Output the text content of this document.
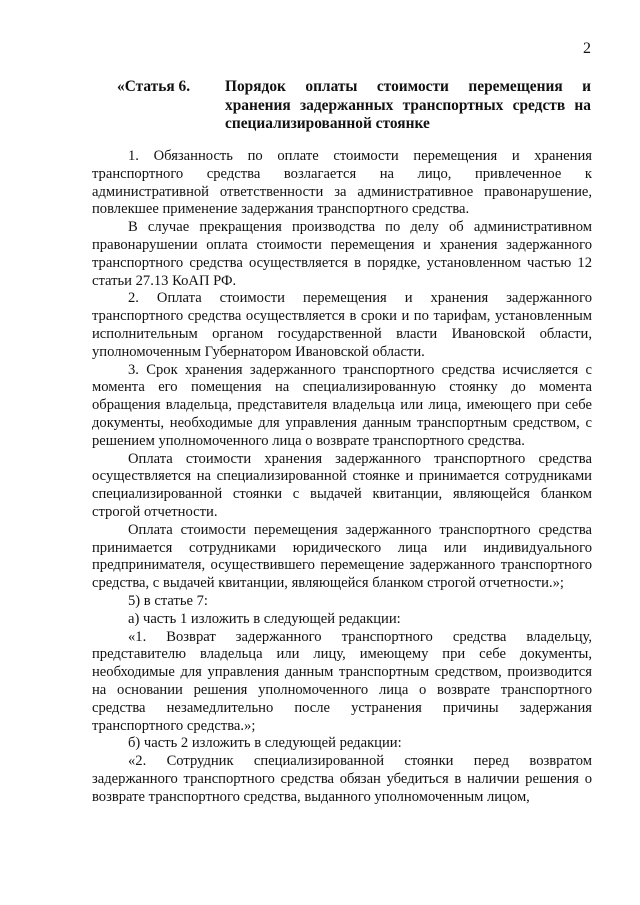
2
«Статья 6.	Порядок оплаты стоимости перемещения и хранения задержанных транспортных средств на специализированной стоянке

1. Обязанность по оплате стоимости перемещения и хранения транспортного средства возлагается на лицо, привлеченное к административной ответственности за административное правонарушение, повлекшее применение задержания транспортного средства.

В случае прекращения производства по делу об административном правонарушении оплата стоимости перемещения и хранения задержанного транспортного средства осуществляется в порядке, установленном частью 12 статьи 27.13 КоАП РФ.

2. Оплата стоимости перемещения и хранения задержанного транспортного средства осуществляется в сроки и по тарифам, установленным исполнительным органом государственной власти Ивановской области, уполномоченным Губернатором Ивановской области.

3. Срок хранения задержанного транспортного средства исчисляется с момента его помещения на специализированную стоянку до момента обращения владельца, представителя владельца или лица, имеющего при себе документы, необходимые для управления данным транспортным средством, с решением уполномоченного лица о возврате транспортного средства.

Оплата стоимости хранения задержанного транспортного средства осуществляется на специализированной стоянке и принимается сотрудниками специализированной стоянки с выдачей квитанции, являющейся бланком строгой отчетности.

Оплата стоимости перемещения задержанного транспортного средства принимается сотрудниками юридического лица или индивидуального предпринимателя, осуществившего перемещение задержанного транспортного средства, с выдачей квитанции, являющейся бланком строгой отчетности.»;

5) в статье 7:

а) часть 1 изложить в следующей редакции:

«1. Возврат задержанного транспортного средства владельцу, представителю владельца или лицу, имеющему при себе документы, необходимые для управления данным транспортным средством, производится на основании решения уполномоченного лица о возврате транспортного средства незамедлительно после устранения причины задержания транспортного средства.»;

б) часть 2 изложить в следующей редакции:

«2. Сотрудник специализированной стоянки перед возвратом задержанного транспортного средства обязан убедиться в наличии решения о возврате транспортного средства, выданного уполномоченным лицом,
